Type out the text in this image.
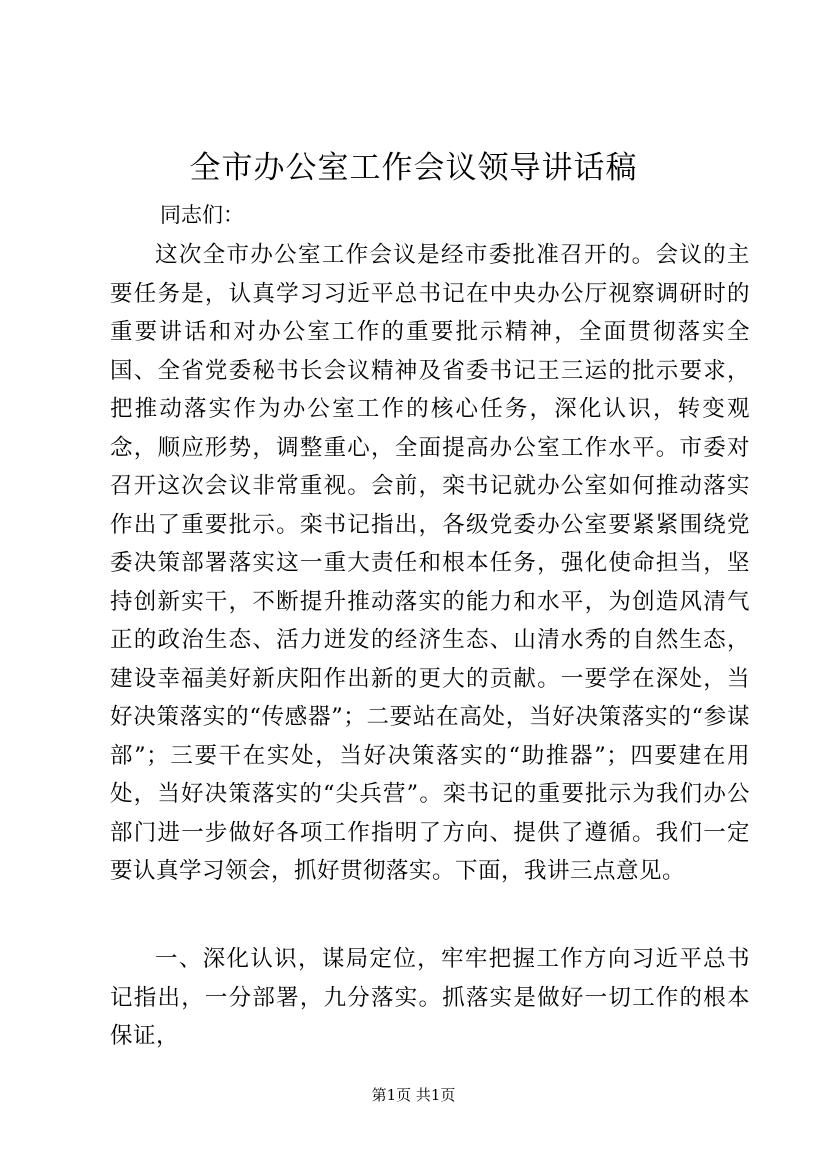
全市办公室工作会议领导讲话稿

同志们：

这次全市办公室工作会议是经市委批准召开的。会议的主要任务是，认真学习习近平总书记在中央办公厅视察调研时的重要讲话和对办公室工作的重要批示精神，全面贯彻落实全国、全省党委秘书长会议精神及省委书记王三运的批示要求，把推动落实作为办公室工作的核心任务，深化认识，转变观念，顺应形势，调整重心，全面提高办公室工作水平。市委对召开这次会议非常重视。会前，栾书记就办公室如何推动落实作出了重要批示。栾书记指出，各级党委办公室要紧紧围绕党委决策部署落实这一重大责任和根本任务，强化使命担当，坚持创新实干，不断提升推动落实的能力和水平，为创造风清气正的政治生态、活力迸发的经济生态、山清水秀的自然生态，建设幸福美好新庆阳作出新的更大的贡献。一要学在深处，当好决策落实的“传感器”；二要站在高处，当好决策落实的“参谋部”；三要干在实处，当好决策落实的“助推器”；四要建在用处，当好决策落实的“尖兵营”。栾书记的重要批示为我们办公部门进一步做好各项工作指明了方向、提供了遵循。我们一定要认真学习领会，抓好贯彻落实。下面，我讲三点意见。

一、深化认识，谋局定位，牢牢把握工作方向习近平总书记指出，一分部署，九分落实。抓落实是做好一切工作的根本保证，

第1页 共1页
